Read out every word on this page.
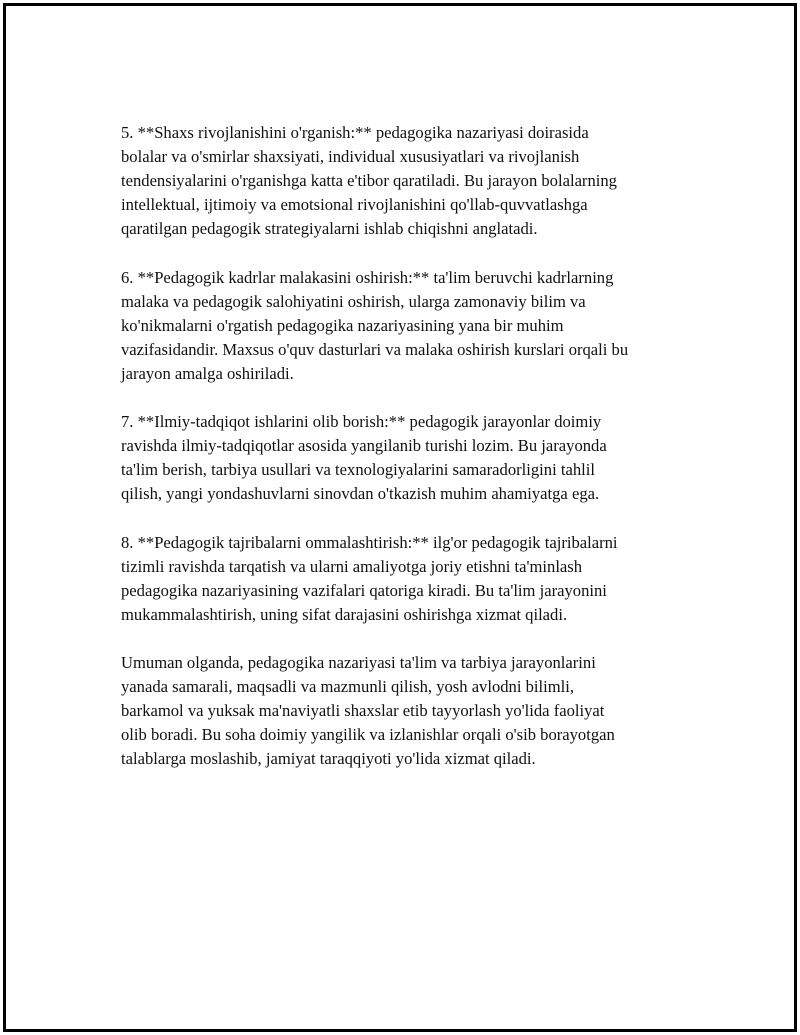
5. **Shaxs rivojlanishini o'rganish:** pedagogika nazariyasi doirasida
bolalar va o'smirlar shaxsiyati, individual xususiyatlari va rivojlanish
tendensiyalarini o'rganishga katta e'tibor qaratiladi. Bu jarayon bolalarning
intellektual, ijtimoiy va emotsional rivojlanishini qo'llab-quvvatlashga
qaratilgan pedagogik strategiyalarni ishlab chiqishni anglatadi.

6. **Pedagogik kadrlar malakasini oshirish:** ta'lim beruvchi kadrlarning
malaka va pedagogik salohiyatini oshirish, ularga zamonaviy bilim va
ko'nikmalarni o'rgatish pedagogika nazariyasining yana bir muhim
vazifasidandir. Maxsus o'quv dasturlari va malaka oshirish kurslari orqali bu
jarayon amalga oshiriladi.

7. **Ilmiy-tadqiqot ishlarini olib borish:** pedagogik jarayonlar doimiy
ravishda ilmiy-tadqiqotlar asosida yangilanib turishi lozim. Bu jarayonda
ta'lim berish, tarbiya usullari va texnologiyalarini samaradorligini tahlil
qilish, yangi yondashuvlarni sinovdan o'tkazish muhim ahamiyatga ega.

8. **Pedagogik tajribalarni ommalashtirish:** ilg'or pedagogik tajribalarni
tizimli ravishda tarqatish va ularni amaliyotga joriy etishni ta'minlash
pedagogika nazariyasining vazifalari qatoriga kiradi. Bu ta'lim jarayonini
mukammalashtirish, uning sifat darajasini oshirishga xizmat qiladi.

Umuman olganda, pedagogika nazariyasi ta'lim va tarbiya jarayonlarini
yanada samarali, maqsadli va mazmunli qilish, yosh avlodni bilimli,
barkamol va yuksak ma'naviyatli shaxslar etib tayyorlash yo'lida faoliyat
olib boradi. Bu soha doimiy yangilik va izlanishlar orqali o'sib borayotgan
talablarga moslashib, jamiyat taraqqiyoti yo'lida xizmat qiladi.
